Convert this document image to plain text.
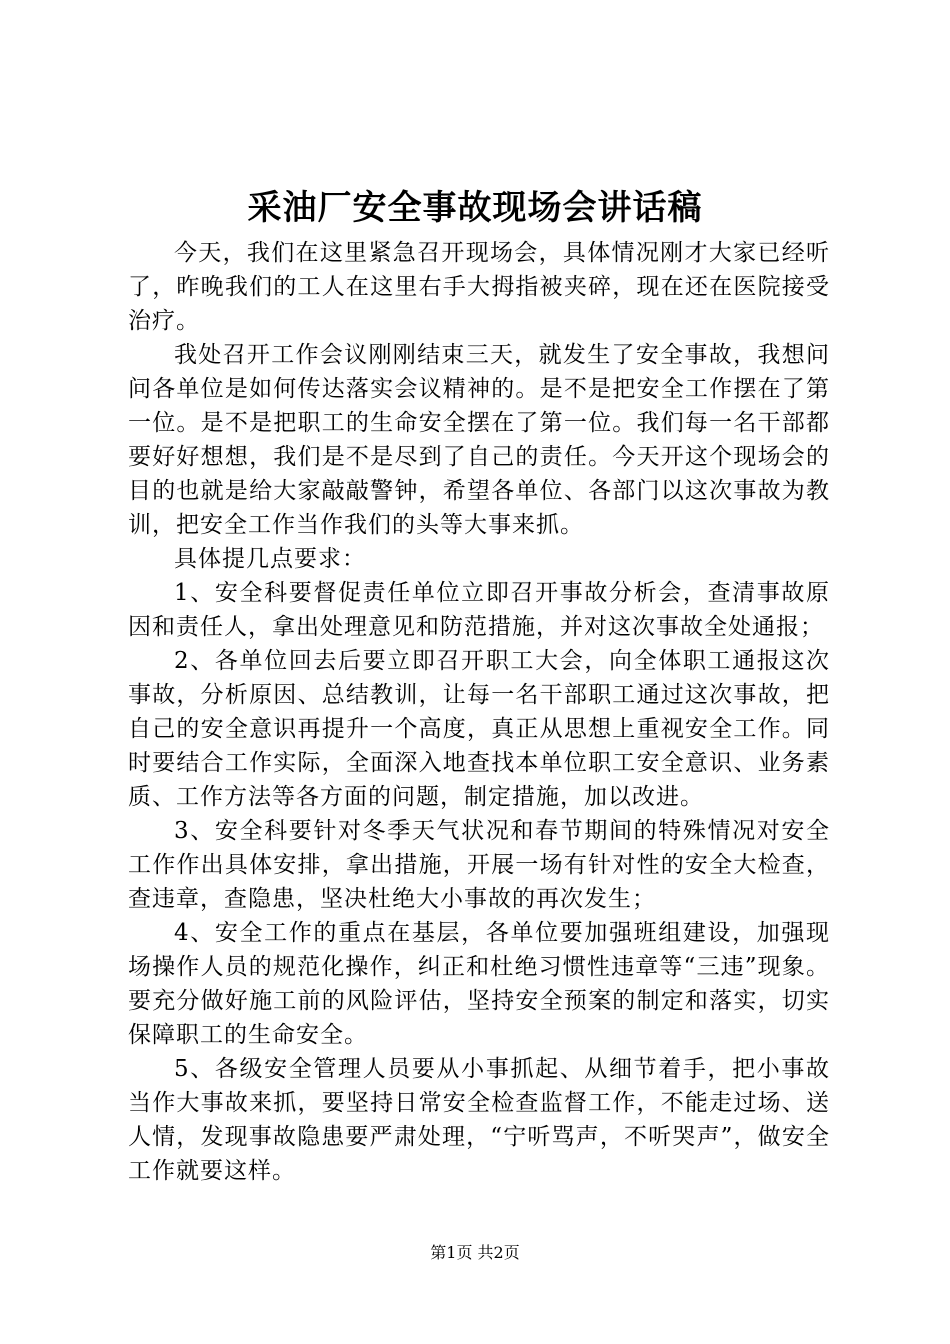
采油厂安全事故现场会讲话稿

今天，我们在这里紧急召开现场会，具体情况刚才大家已经听了，昨晚我们的工人在这里右手大拇指被夹碎，现在还在医院接受治疗。

我处召开工作会议刚刚结束三天，就发生了安全事故，我想问问各单位是如何传达落实会议精神的。是不是把安全工作摆在了第一位。是不是把职工的生命安全摆在了第一位。我们每一名干部都要好好想想，我们是不是尽到了自己的责任。今天开这个现场会的目的也就是给大家敲敲警钟，希望各单位、各部门以这次事故为教训，把安全工作当作我们的头等大事来抓。

具体提几点要求：

1、安全科要督促责任单位立即召开事故分析会，查清事故原因和责任人，拿出处理意见和防范措施，并对这次事故全处通报；

2、各单位回去后要立即召开职工大会，向全体职工通报这次事故，分析原因、总结教训，让每一名干部职工通过这次事故，把自己的安全意识再提升一个高度，真正从思想上重视安全工作。同时要结合工作实际，全面深入地查找本单位职工安全意识、业务素质、工作方法等各方面的问题，制定措施，加以改进。

3、安全科要针对冬季天气状况和春节期间的特殊情况对安全工作作出具体安排，拿出措施，开展一场有针对性的安全大检查，查违章，查隐患，坚决杜绝大小事故的再次发生；

4、安全工作的重点在基层，各单位要加强班组建设，加强现场操作人员的规范化操作，纠正和杜绝习惯性违章等“三违”现象。要充分做好施工前的风险评估，坚持安全预案的制定和落实，切实保障职工的生命安全。

5、各级安全管理人员要从小事抓起、从细节着手，把小事故当作大事故来抓，要坚持日常安全检查监督工作，不能走过场、送人情，发现事故隐患要严肃处理，“宁听骂声，不听哭声”，做安全工作就要这样。

第1页 共2页
